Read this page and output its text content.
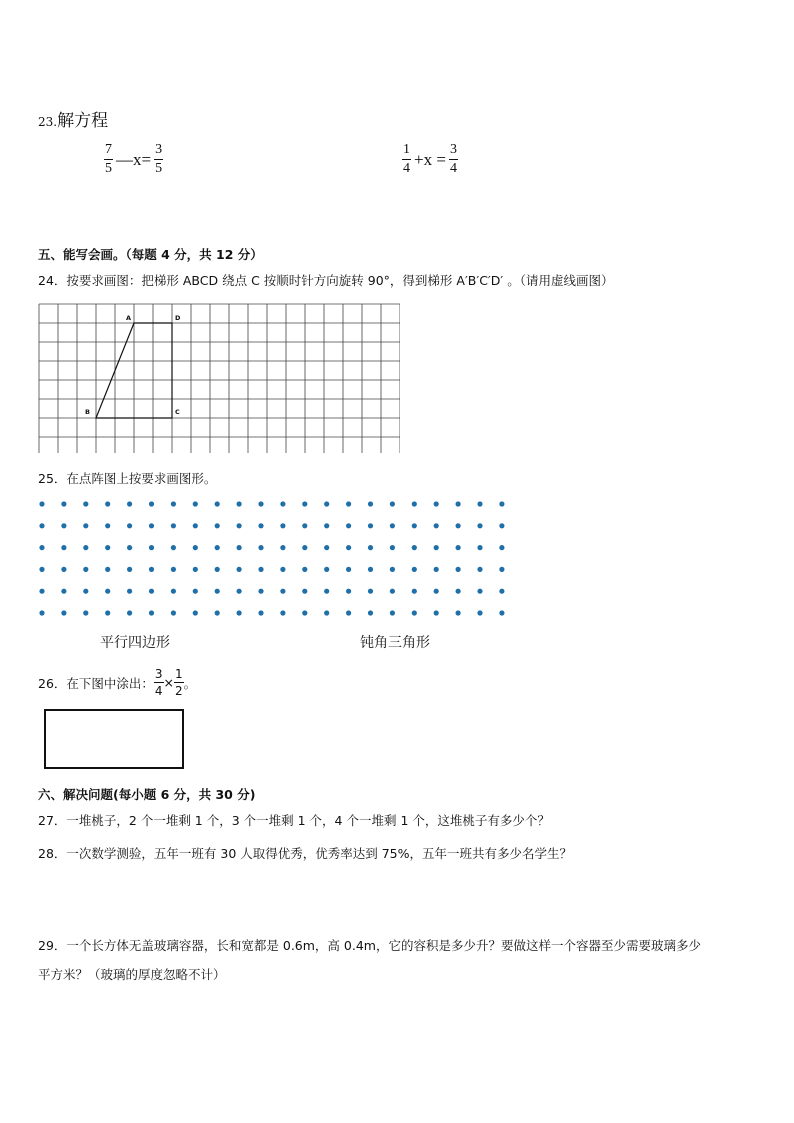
23.解方程
$\frac{7}{5}$ —x= $\frac{3}{5}$	$\frac{1}{4} +x = \frac{3}{4}$
五、能写会画。（每题 4 分，共 12 分）
24．按要求画图：把梯形 ABCD 绕点 C 按顺时针方向旋转 90°，得到梯形 A′B′C′D′ 。（请用虚线画图）
A	D
C
B
25．在点阵图上按要求画图形。
平行四边形	钝角三角形
26．在下图中涂出： $\frac{3}{4} \times \frac{1}{2}$ 。
六、解决问题(每小题 6 分，共 30 分)
27．一堆桃子，2 个一堆剩 1 个，3 个一堆剩 1 个，4 个一堆剩 1 个，这堆桃子有多少个？
28．一次数学测验，五年一班有 30 人取得优秀，优秀率达到 75%，五年一班共有多少名学生？
29．一个长方体无盖玻璃容器，长和宽都是 0.6m，高 0.4m，它的容积是多少升？要做这样一个容器至少需要玻璃多少
平方米？（玻璃的厚度忽略不计）
